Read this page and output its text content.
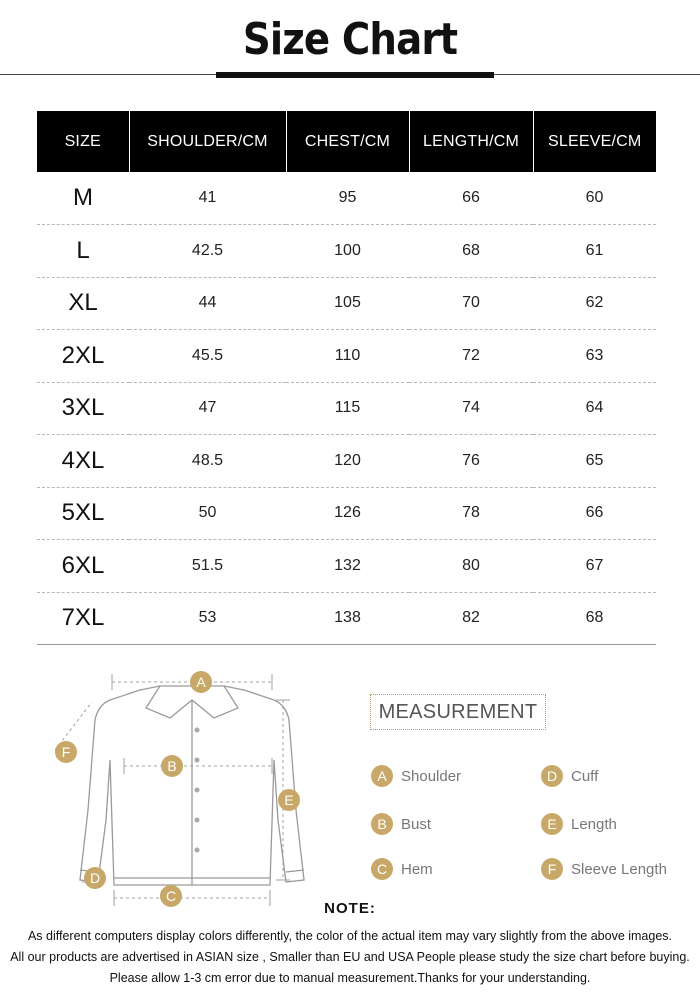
Size Chart
SIZE	SHOULDER/CM	CHEST/CM	LENGTH/CM	SLEEVE/CM
M	41	95	66	60
L	42.5	100	68	61
XL	44	105	70	62
2XL	45.5	110	72	63
3XL	47	115	74	64
4XL	48.5	120	76	65
5XL	50	126	78	66
6XL	51.5	132	80	67
7XL	53	138	82	68
A
B
C
D
E
F
MEASUREMENT
A Shoulder
B Bust
C Hem
D Cuff
E Length
F Sleeve Length
NOTE:
As different computers display colors differently, the color of the actual item may vary slightly from the above images.
All our products are advertised in ASIAN size , Smaller than EU and USA People please study the size chart before buying.
Please allow 1-3 cm error due to manual measurement.Thanks for your understanding.
